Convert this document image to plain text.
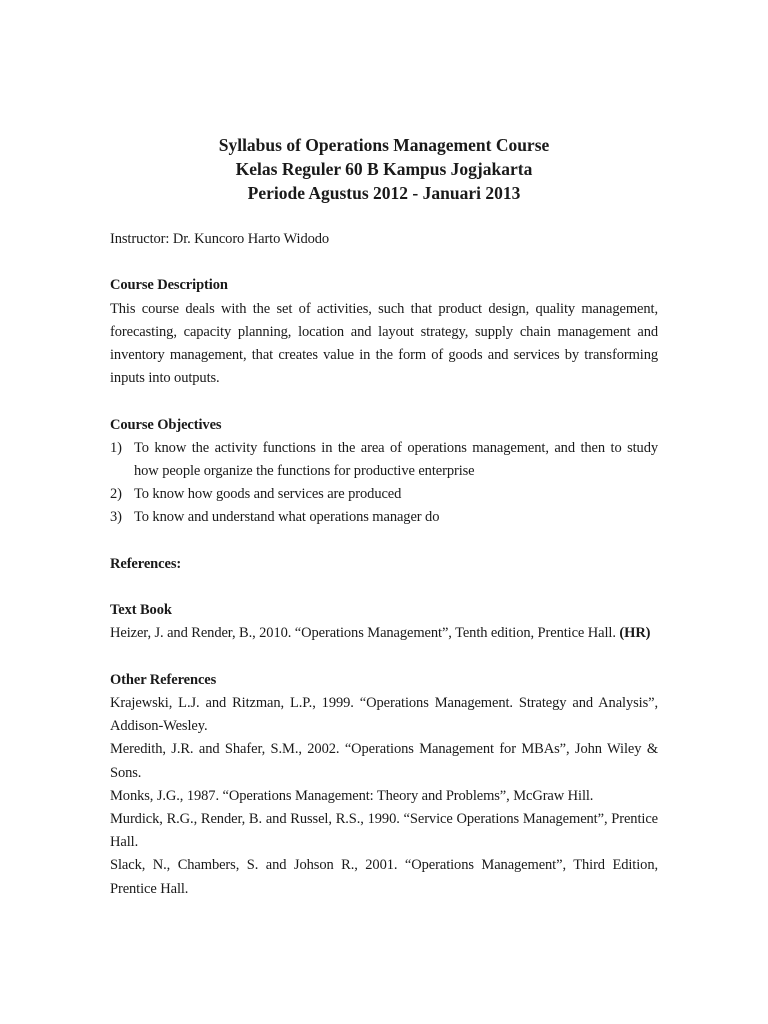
Syllabus of Operations Management Course
Kelas Reguler 60 B Kampus Jogjakarta
Periode Agustus 2012 - Januari 2013

Instructor: Dr. Kuncoro Harto Widodo

Course Description

This course deals with the set of activities, such that product design, quality management, forecasting, capacity planning, location and layout strategy, supply chain management and inventory management, that creates value in the form of goods and services by transforming inputs into outputs.

Course Objectives

1) To know the activity functions in the area of operations management, and then to study how people organize the functions for productive enterprise
2) To know how goods and services are produced
3) To know and understand what operations manager do

References:

Text Book

Heizer, J. and Render, B., 2010. “Operations Management”, Tenth edition, Prentice Hall. (HR)

Other References

Krajewski, L.J. and Ritzman, L.P., 1999. “Operations Management. Strategy and Analysis”, Addison-Wesley.

Meredith, J.R. and Shafer, S.M., 2002. “Operations Management for MBAs”, John Wiley & Sons.

Monks, J.G., 1987. “Operations Management: Theory and Problems”, McGraw Hill.

Murdick, R.G., Render, B. and Russel, R.S., 1990. “Service Operations Management”, Prentice Hall.

Slack, N., Chambers, S. and Johson R., 2001. “Operations Management”, Third Edition, Prentice Hall.
